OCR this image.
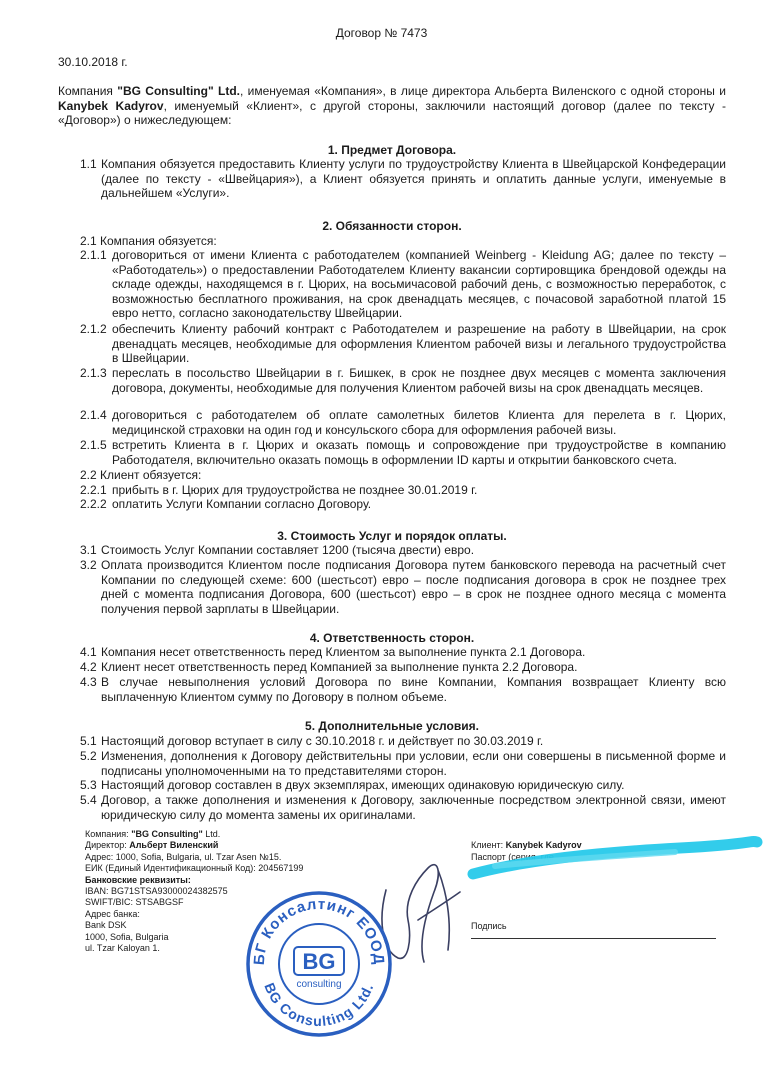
Договор № 7473
30.10.2018 г.
Компания "BG Consulting" Ltd., именуемая «Компания», в лице директора Альберта Виленского с одной стороны и Kanybek Kadyrov, именуемый «Клиент», с другой стороны, заключили настоящий договор (далее по тексту - «Договор») о нижеследующем:
1. Предмет Договора.
1.1 Компания обязуется предоставить Клиенту услуги по трудоустройству Клиента в Швейцарской Конфедерации (далее по тексту - «Швейцария»), а Клиент обязуется принять и оплатить данные услуги, именуемые в дальнейшем «Услуги».
2. Обязанности сторон.
2.1 Компания обязуется:
2.1.1 договориться от имени Клиента с работодателем (компанией Weinberg - Kleidung AG; далее по тексту – «Работодатель») о предоставлении Работодателем Клиенту вакансии сортировщика брендовой одежды на складе одежды, находящемся в г. Цюрих, на восьмичасовой рабочий день, с возможностью переработок, с возможностью бесплатного проживания, на срок двенадцать месяцев, с почасовой заработной платой 15 евро нетто, согласно законодательству Швейцарии.
2.1.2 обеспечить Клиенту рабочий контракт с Работодателем и разрешение на работу в Швейцарии, на срок двенадцать месяцев, необходимые для оформления Клиентом рабочей визы и легального трудоустройства в Швейцарии.
2.1.3 переслать в посольство Швейцарии в г. Бишкек, в срок не позднее двух месяцев с момента заключения договора, документы, необходимые для получения Клиентом рабочей визы на срок двенадцать месяцев.
2.1.4 договориться с работодателем об оплате самолетных билетов Клиента для перелета в г. Цюрих, медицинской страховки на один год и консульского сбора для оформления рабочей визы.
2.1.5 встретить Клиента в г. Цюрих и оказать помощь и сопровождение при трудоустройстве в компанию Работодателя, включительно оказать помощь в оформлении ID карты и открытии банковского счета.
2.2 Клиент обязуется:
2.2.1 прибыть в г. Цюрих для трудоустройства не позднее 30.01.2019 г.
2.2.2 оплатить Услуги Компании согласно Договору.
3. Стоимость Услуг и порядок оплаты.
3.1 Стоимость Услуг Компании составляет 1200 (тысяча двести) евро.
3.2 Оплата производится Клиентом после подписания Договора путем банковского перевода на расчетный счет Компании по следующей схеме: 600 (шестьсот) евро – после подписания договора в срок не позднее трех дней с момента подписания Договора, 600 (шестьсот) евро – в срок не позднее одного месяца с момента получения первой зарплаты в Швейцарии.
4. Ответственность сторон.
4.1 Компания несет ответственность перед Клиентом за выполнение пункта 2.1 Договора.
4.2 Клиент несет ответственность перед Компанией за выполнение пункта 2.2 Договора.
4.3 В случае невыполнения условий Договора по вине Компании, Компания возвращает Клиенту всю выплаченную Клиентом сумму по Договору в полном объеме.
5. Дополнительные условия.
5.1 Настоящий договор вступает в силу с 30.10.2018 г. и действует по 30.03.2019 г.
5.2 Изменения, дополнения к Договору действительны при условии, если они совершены в письменной форме и подписаны уполномоченными на то представителями сторон.
5.3 Настоящий договор составлен в двух экземплярах, имеющих одинаковую юридическую силу.
5.4 Договор, а также дополнения и изменения к Договору, заключенные посредством электронной связи, имеют юридическую силу до момента замены их оригиналами.
Компания: "BG Consulting" Ltd.
Директор: Альберт Виленский
Адрес: 1000, Sofia, Bulgaria, ul. Tzar Asen №15.
ЕИК (Единый Идентификационный Код): 204567199
Банковские реквизиты:
IBAN: BG71STSA93000024382575
SWIFT/BIC: STSABGSF
Адрес банка:
Bank DSK
1000, Sofia, Bulgaria
ul. Tzar Kaloyan 1.
Клиент: Kanybek Kadyrov
Паспорт (серия, где
Подпись
БГ Консалтинг ЕООД
BG Consulting Ltd.
BG
consulting
